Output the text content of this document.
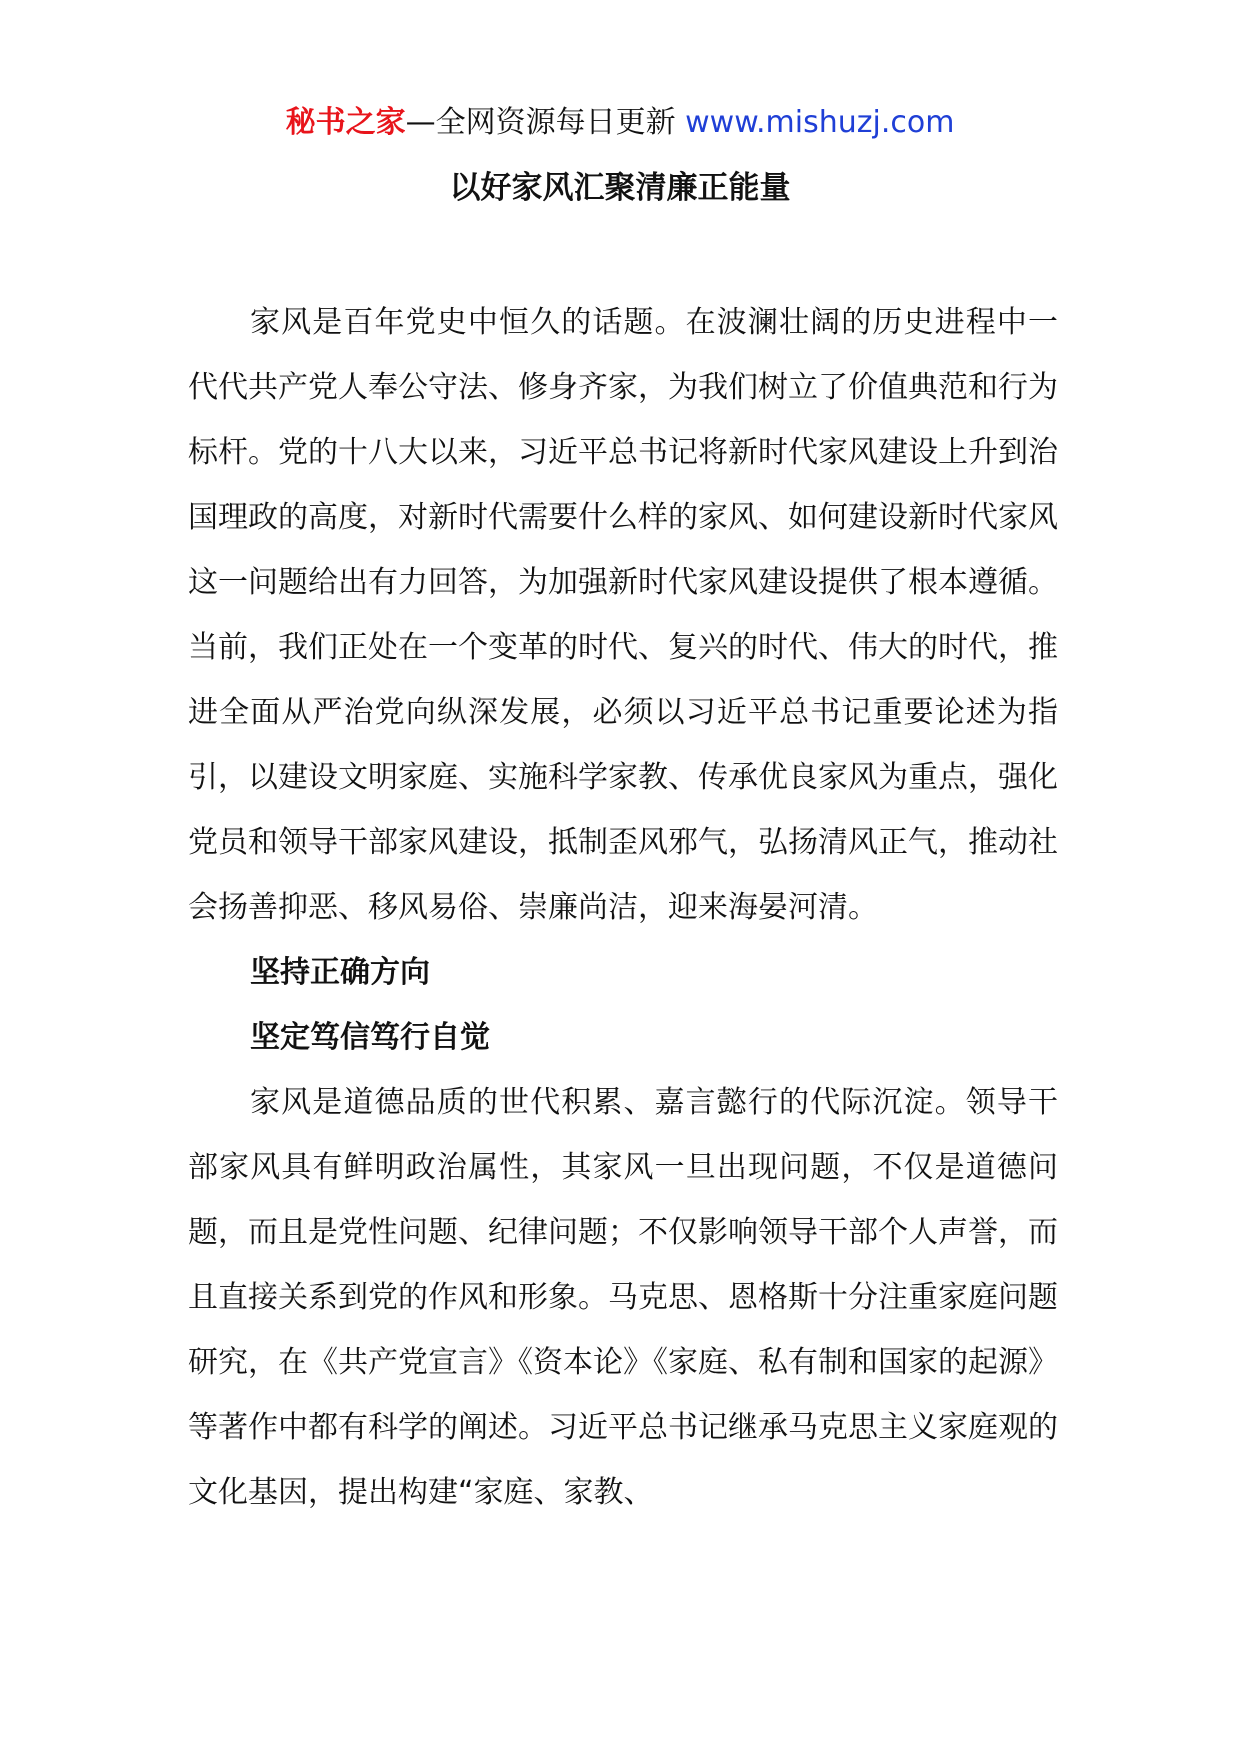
秘书之家—全网资源每日更新 www.mishuzj.com
以好家风汇聚清廉正能量

家风是百年党史中恒久的话题。在波澜壮阔的历史进程中一代代共产党人奉公守法、修身齐家，为我们树立了价值典范和行为标杆。党的十八大以来，习近平总书记将新时代家风建设上升到治国理政的高度，对新时代需要什么样的家风、如何建设新时代家风这一问题给出有力回答，为加强新时代家风建设提供了根本遵循。当前，我们正处在一个变革的时代、复兴的时代、伟大的时代，推进全面从严治党向纵深发展，必须以习近平总书记重要论述为指引，以建设文明家庭、实施科学家教、传承优良家风为重点，强化党员和领导干部家风建设，抵制歪风邪气，弘扬清风正气，推动社会扬善抑恶、移风易俗、崇廉尚洁，迎来海晏河清。

坚持正确方向

坚定笃信笃行自觉

家风是道德品质的世代积累、嘉言懿行的代际沉淀。领导干部家风具有鲜明政治属性，其家风一旦出现问题，不仅是道德问题，而且是党性问题、纪律问题；不仅影响领导干部个人声誉，而且直接关系到党的作风和形象。马克思、恩格斯十分注重家庭问题研究，在《共产党宣言》《资本论》《家庭、私有制和国家的起源》等著作中都有科学的阐述。习近平总书记继承马克思主义家庭观的文化基因，提出构建“家庭、家教、
